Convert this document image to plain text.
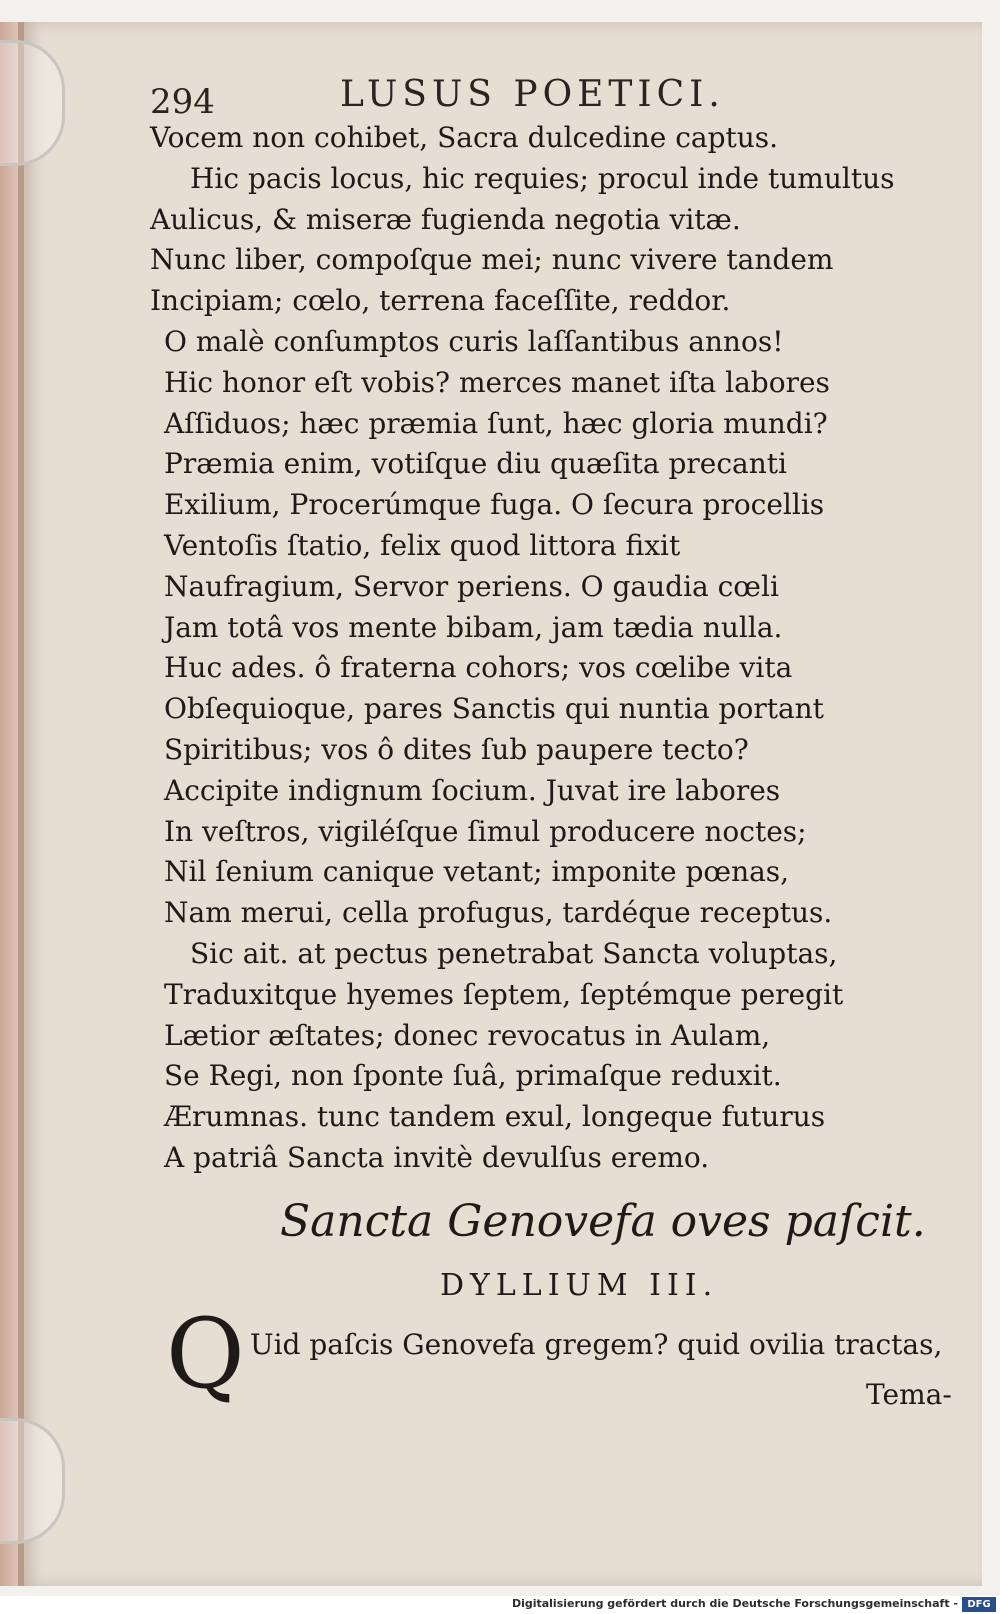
294	LUSUS POETICI.
Vocem non cohibet, Sacra dulcedine captus.
Hic pacis locus, hic requies; procul inde tumultus
Aulicus, & miseræ fugienda negotia vitæ.
Nunc liber, compoſque mei; nunc vivere tandem
Incipiam; cœlo, terrena faceſſite, reddor.
O malè conſumptos curis laſſantibus annos!
Hic honor eſt vobis? merces manet iſta labores
Aſſiduos; hæc præmia ſunt, hæc gloria mundi?
Præmia enim, votiſque diu quæſita precanti
Exilium, Procerúmque fuga. O ſecura procellis
Ventoſis ſtatio, felix quod littora fixit
Naufragium, Servor periens. O gaudia cœli
Jam totâ vos mente bibam, jam tædia nulla.
Huc ades. ô fraterna cohors; vos cœlibe vita
Obſequioque, pares Sanctis qui nuntia portant
Spiritibus; vos ô dites ſub paupere tecto?
Accipite indignum ſocium. Juvat ire labores
In veſtros, vigiléſque ſimul producere noctes;
Nil ſenium canique vetant; imponite pœnas,
Nam merui, cella profugus, tardéque receptus.
Sic ait. at pectus penetrabat Sancta voluptas,
Traduxitque hyemes ſeptem, ſeptémque peregit
Lætior æſtates; donec revocatus in Aulam,
Se Regi, non ſponte ſuâ, primaſque reduxit.
Ærumnas. tunc tandem exul, longeque futurus
A patriâ Sancta invitè devulſus eremo.
Sancta Genovefa oves paſcit.
DYLLIUM III.
Q Uid paſcis Genovefa gregem? quid ovilia tractas,
Tema-
Digitalisierung gefördert durch die Deutsche Forschungsgemeinschaft - DFG
